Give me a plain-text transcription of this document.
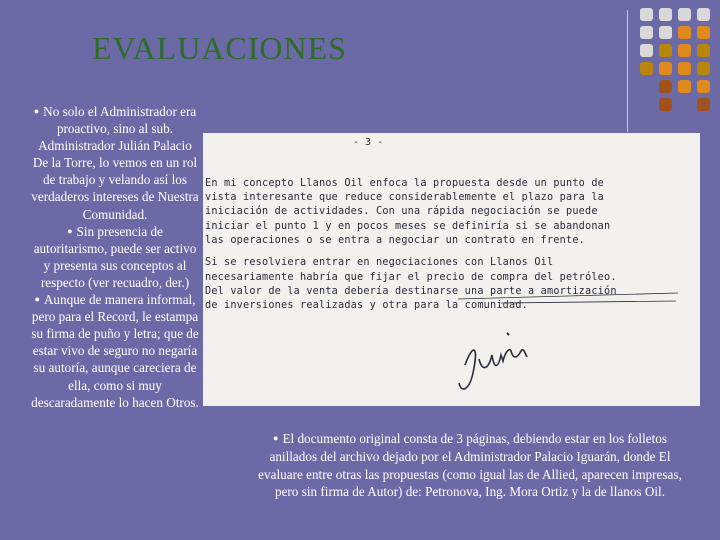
EVALUACIONES

● No solo el Administrador era proactivo, sino al sub. Administrador Julián Palacio De la Torre, lo vemos en un rol de trabajo y velando así los verdaderos intereses de Nuestra Comunidad.

● Sin presencia de autoritarismo, puede ser activo y presenta sus conceptos al respecto (ver recuadro, der.)

● Aunque de manera informal, pero para el Record, le estampa su firma de puño y letra; que de estar vivo de seguro no negaría su autoría, aunque careciera de ella, como si muy descaradamente lo hacen Otros.

- 3 -
En mi concepto Llanos Oil enfoca la propuesta desde un punto de
vista interesante que reduce considerablemente el plazo para la
iniciación de actividades. Con una rápida negociación se puede
iniciar el punto 1 y en pocos meses se definiría si se abandonan
las operaciones o se entra a negociar un contrato en frente.
Si se resolviera entrar en negociaciones con Llanos Oil
necesariamente habría que fijar el precio de compra del petróleo.
Del valor de la venta debería destinarse una parte a amortización
de inversiones realizadas y otra para la comunidad.
● El documento original consta de 3 páginas, debiendo estar en los folletos anillados del archivo dejado por el Administrador Palacio Iguarán, donde El evaluare entre otras las propuestas (como igual las de Allied, aparecen impresas, pero sin firma de Autor) de: Petronova, Ing. Mora Ortiz y la de llanos Oil.
